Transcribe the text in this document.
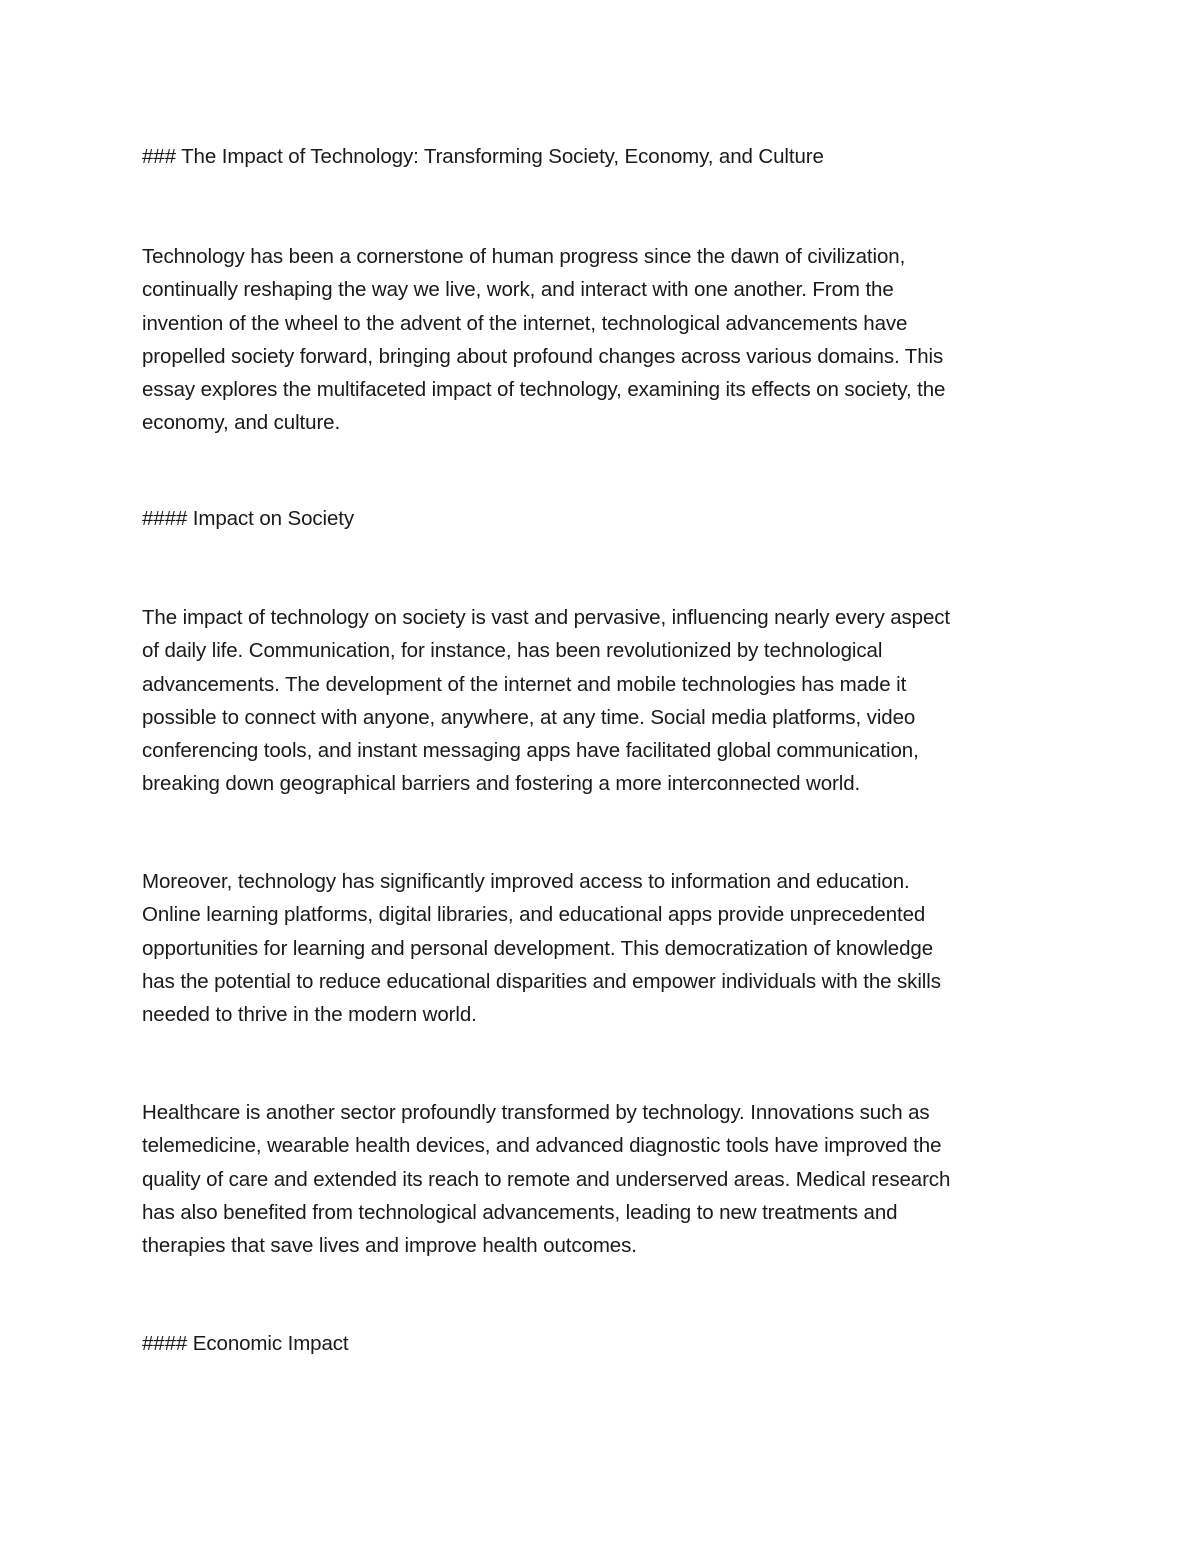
### The Impact of Technology: Transforming Society, Economy, and Culture
Technology has been a cornerstone of human progress since the dawn of civilization,
continually reshaping the way we live, work, and interact with one another. From the
invention of the wheel to the advent of the internet, technological advancements have
propelled society forward, bringing about profound changes across various domains. This
essay explores the multifaceted impact of technology, examining its effects on society, the
economy, and culture.
#### Impact on Society
The impact of technology on society is vast and pervasive, influencing nearly every aspect
of daily life. Communication, for instance, has been revolutionized by technological
advancements. The development of the internet and mobile technologies has made it
possible to connect with anyone, anywhere, at any time. Social media platforms, video
conferencing tools, and instant messaging apps have facilitated global communication,
breaking down geographical barriers and fostering a more interconnected world.
Moreover, technology has significantly improved access to information and education.
Online learning platforms, digital libraries, and educational apps provide unprecedented
opportunities for learning and personal development. This democratization of knowledge
has the potential to reduce educational disparities and empower individuals with the skills
needed to thrive in the modern world.
Healthcare is another sector profoundly transformed by technology. Innovations such as
telemedicine, wearable health devices, and advanced diagnostic tools have improved the
quality of care and extended its reach to remote and underserved areas. Medical research
has also benefited from technological advancements, leading to new treatments and
therapies that save lives and improve health outcomes.
#### Economic Impact
